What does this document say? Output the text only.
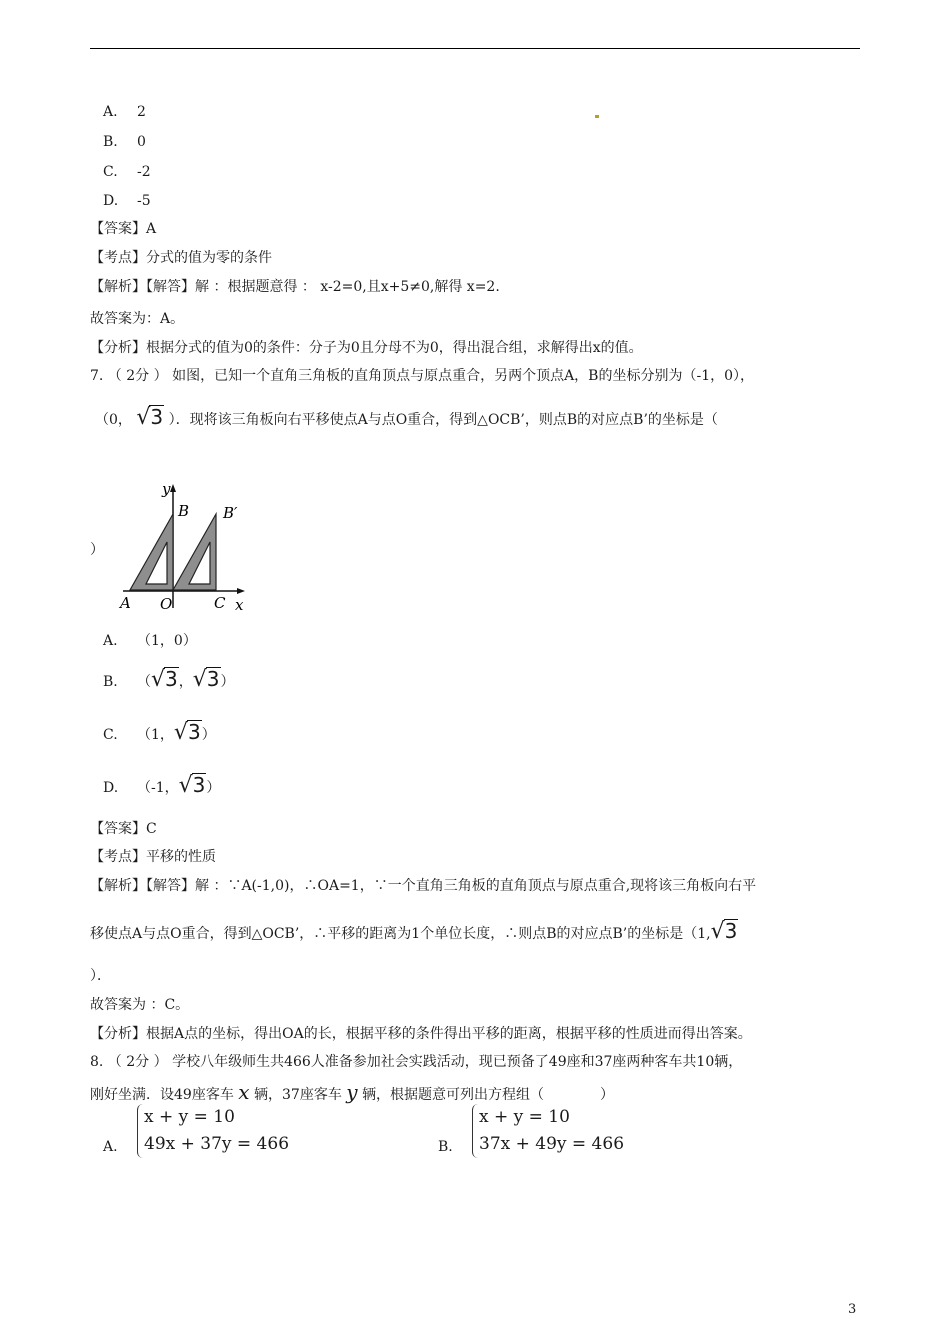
A. 2
B. 0
C. -2
D. -5
【答案】A
【考点】分式的值为零的条件
【解析】【解答】解 ：根据题意得 ： x-2=0,且x+5≠0,解得 x=2.
故答案为：A。
【分析】根据分式的值为0的条件：分子为0且分母不为0，得出混合组，求解得出x的值。
7. （ 2分 ） 如图，已知一个直角三角板的直角顶点与原点重合，另两个顶点A，B的坐标分别为（-1，0），
（0， √3 ）．现将该三角板向右平移使点A与点O重合，得到△OCB’，则点B的对应点B’的坐标是（
y
B B′
A O	C x
）
A. （1，0）
B. （√3，√3）
C. （1，√3）
D. （-1，√3）
【答案】C
【考点】平移的性质
【解析】【解答】解 ：∵A(-1,0)，∴OA=1，∵一个直角三角板的直角顶点与原点重合,现将该三角板向右平
移使点A与点O重合，得到△OCB’，∴平移的距离为1个单位长度，∴则点B的对应点B’的坐标是（1,√3
）．
故答案为 ：C。
【分析】根据A点的坐标，得出OA的长，根据平移的条件得出平移的距离，根据平移的性质进而得出答案。
8. （ 2分 ） 学校八年级师生共466人准备参加社会实践活动，现已预备了49座和37座两种客车共10辆，
刚好坐满．设49座客车 x 辆，37座客车 y 辆，根据题意可列出方程组（　　　　）
A.
x + y = 10
49x + 37y = 466	B.
x + y = 10
37x + 49y = 466
3
